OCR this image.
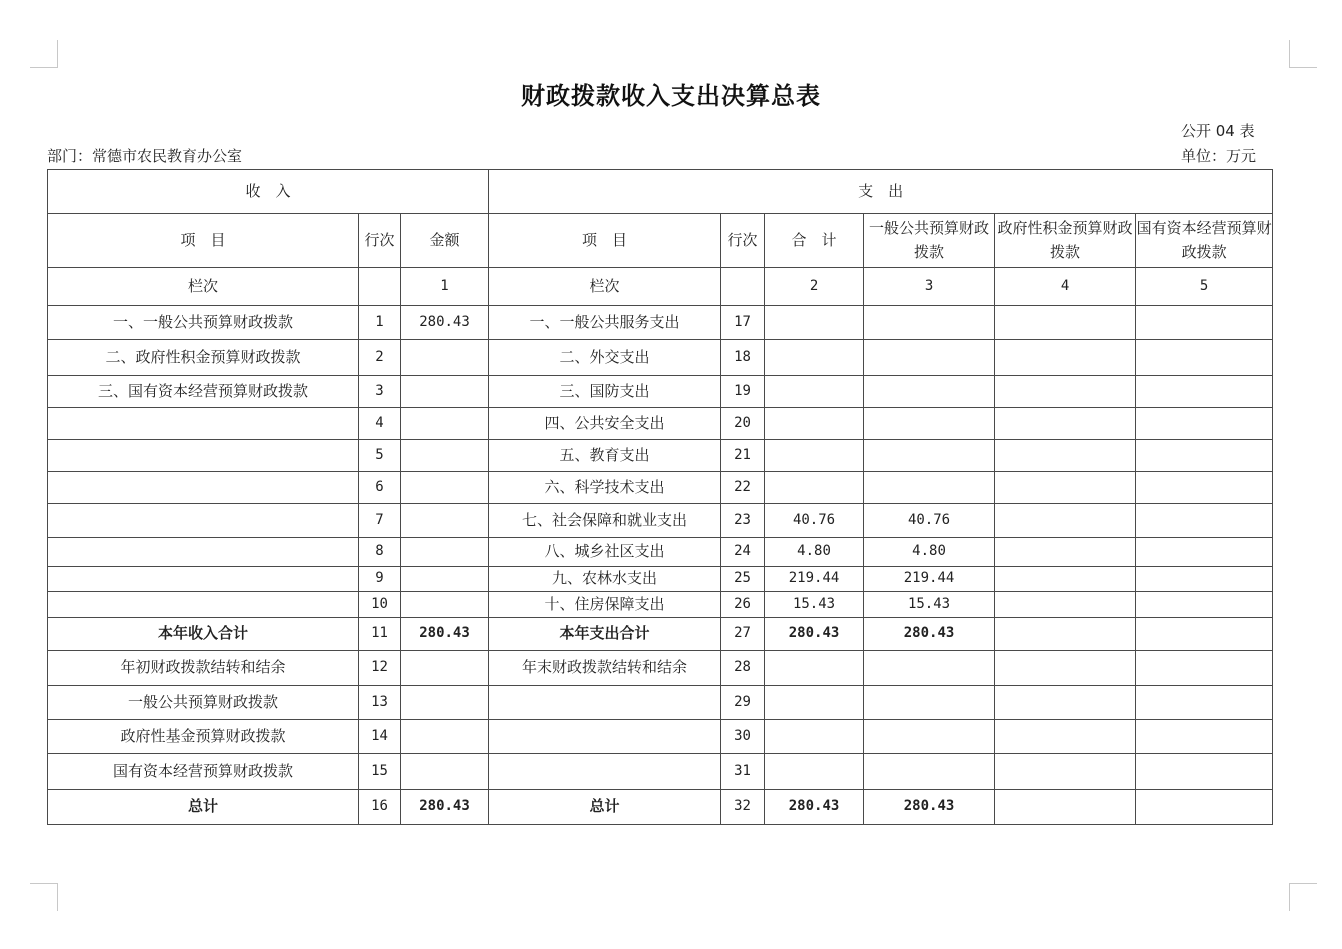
财政拨款收入支出决算总表
公开 04 表
部门：常德市农民教育办公室	单位：万元
收　入			支　出					
项　目	行次	金额	项　目	行次	合　计	一般公共预算财政拨款	政府性积金预算财政拨款	国有资本经营预算财政拨款
栏次		1	栏次		2	3	4	5
一、一般公共预算财政拨款	1	280.43	一、一般公共服务支出	17				
二、政府性积金预算财政拨款	2		二、外交支出	18				
三、国有资本经营预算财政拨款	3		三、国防支出	19				
	4		四、公共安全支出	20				
	5		五、教育支出	21				
	6		六、科学技术支出	22				
	7		七、社会保障和就业支出	23	40.76	40.76		
	8		八、城乡社区支出	24	4.80	4.80		
	9		九、农林水支出	25	219.44	219.44		
	10		十、住房保障支出	26	15.43	15.43		
本年收入合计	11	280.43	本年支出合计	27	280.43	280.43		
年初财政拨款结转和结余	12		年末财政拨款结转和结余	28				
一般公共预算财政拨款	13			29				
政府性基金预算财政拨款	14			30				
国有资本经营预算财政拨款	15			31				
总计	16	280.43	总计	32	280.43	280.43		
